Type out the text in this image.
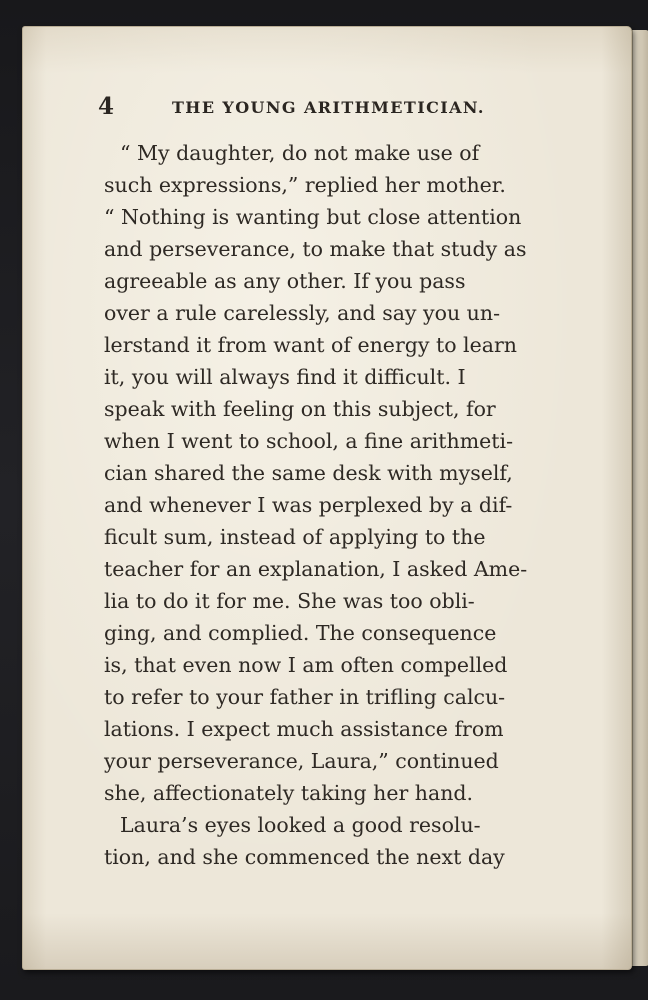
4	THE YOUNG ARITHMETICIAN.
“ My daughter, do not make use of
such expressions,” replied her mother.
“ Nothing is wanting but close attention
and perseverance, to make that study as
agreeable as any other. If you pass
over a rule carelessly, and say you un-
lerstand it from want of energy to learn
it, you will always find it difficult. I
speak with feeling on this subject, for
when I went to school, a fine arithmeti-
cian shared the same desk with myself,
and whenever I was perplexed by a dif-
ficult sum, instead of applying to the
teacher for an explanation, I asked Ame-
lia to do it for me. She was too obli-
ging, and complied. The consequence
is, that even now I am often compelled
to refer to your father in trifling calcu-
lations. I expect much assistance from
your perseverance, Laura,” continued
she, affectionately taking her hand.
Laura’s eyes looked a good resolu-
tion, and she commenced the next day
